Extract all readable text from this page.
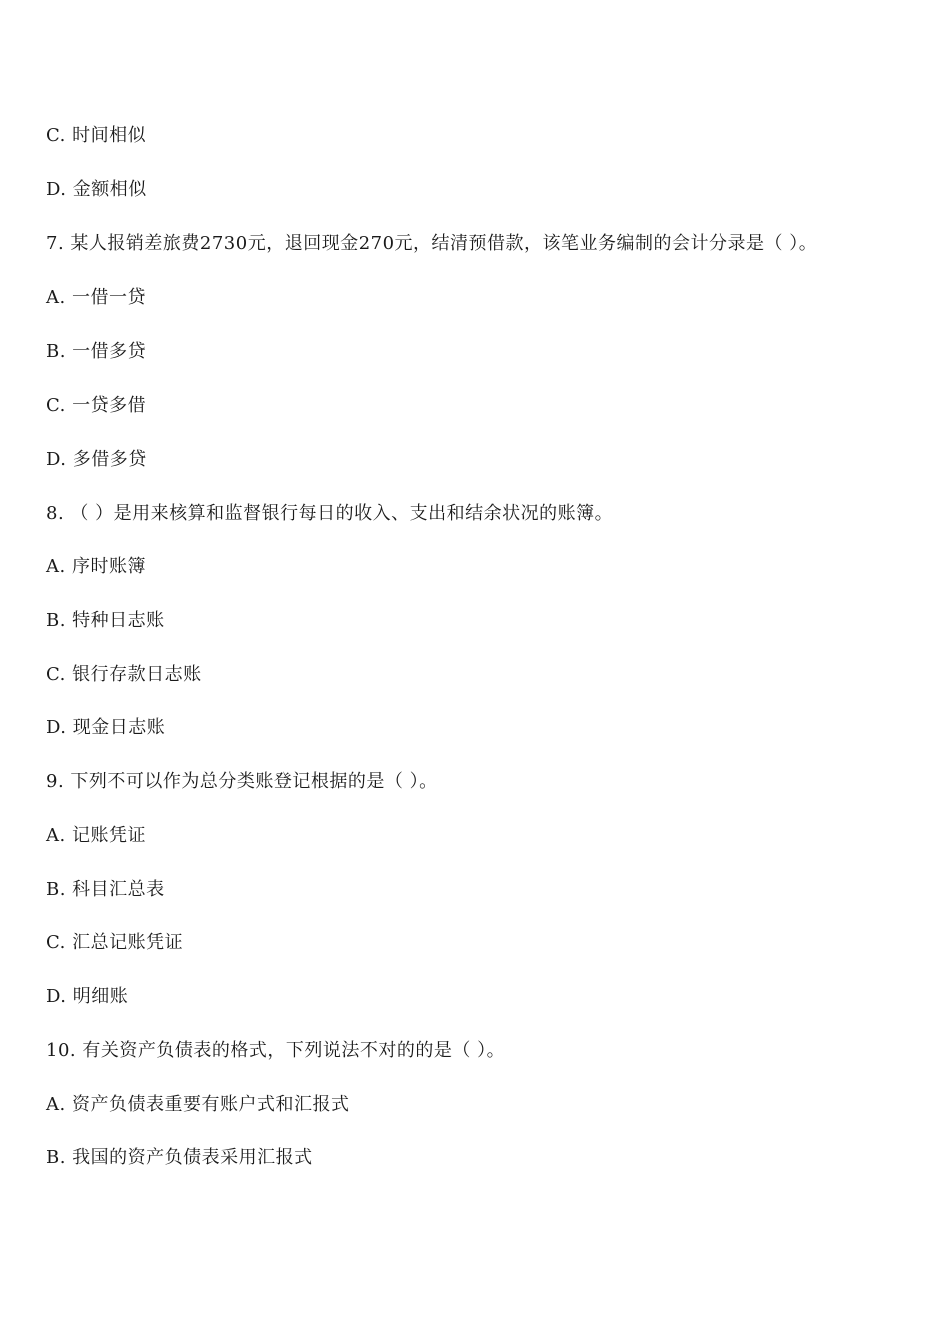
C. 时间相似
D. 金额相似
7. 某人报销差旅费2730元，退回现金270元，结清预借款，该笔业务编制的会计分录是（ ）。
A. 一借一贷
B. 一借多贷
C. 一贷多借
D. 多借多贷
8. （ ）是用来核算和监督银行每日的收入、支出和结余状况的账簿。
A. 序时账簿
B. 特种日志账
C. 银行存款日志账
D. 现金日志账
9. 下列不可以作为总分类账登记根据的是（ ）。
A. 记账凭证
B. 科目汇总表
C. 汇总记账凭证
D. 明细账
10. 有关资产负债表的格式，下列说法不对的的是（ ）。
A. 资产负债表重要有账户式和汇报式
B. 我国的资产负债表采用汇报式
